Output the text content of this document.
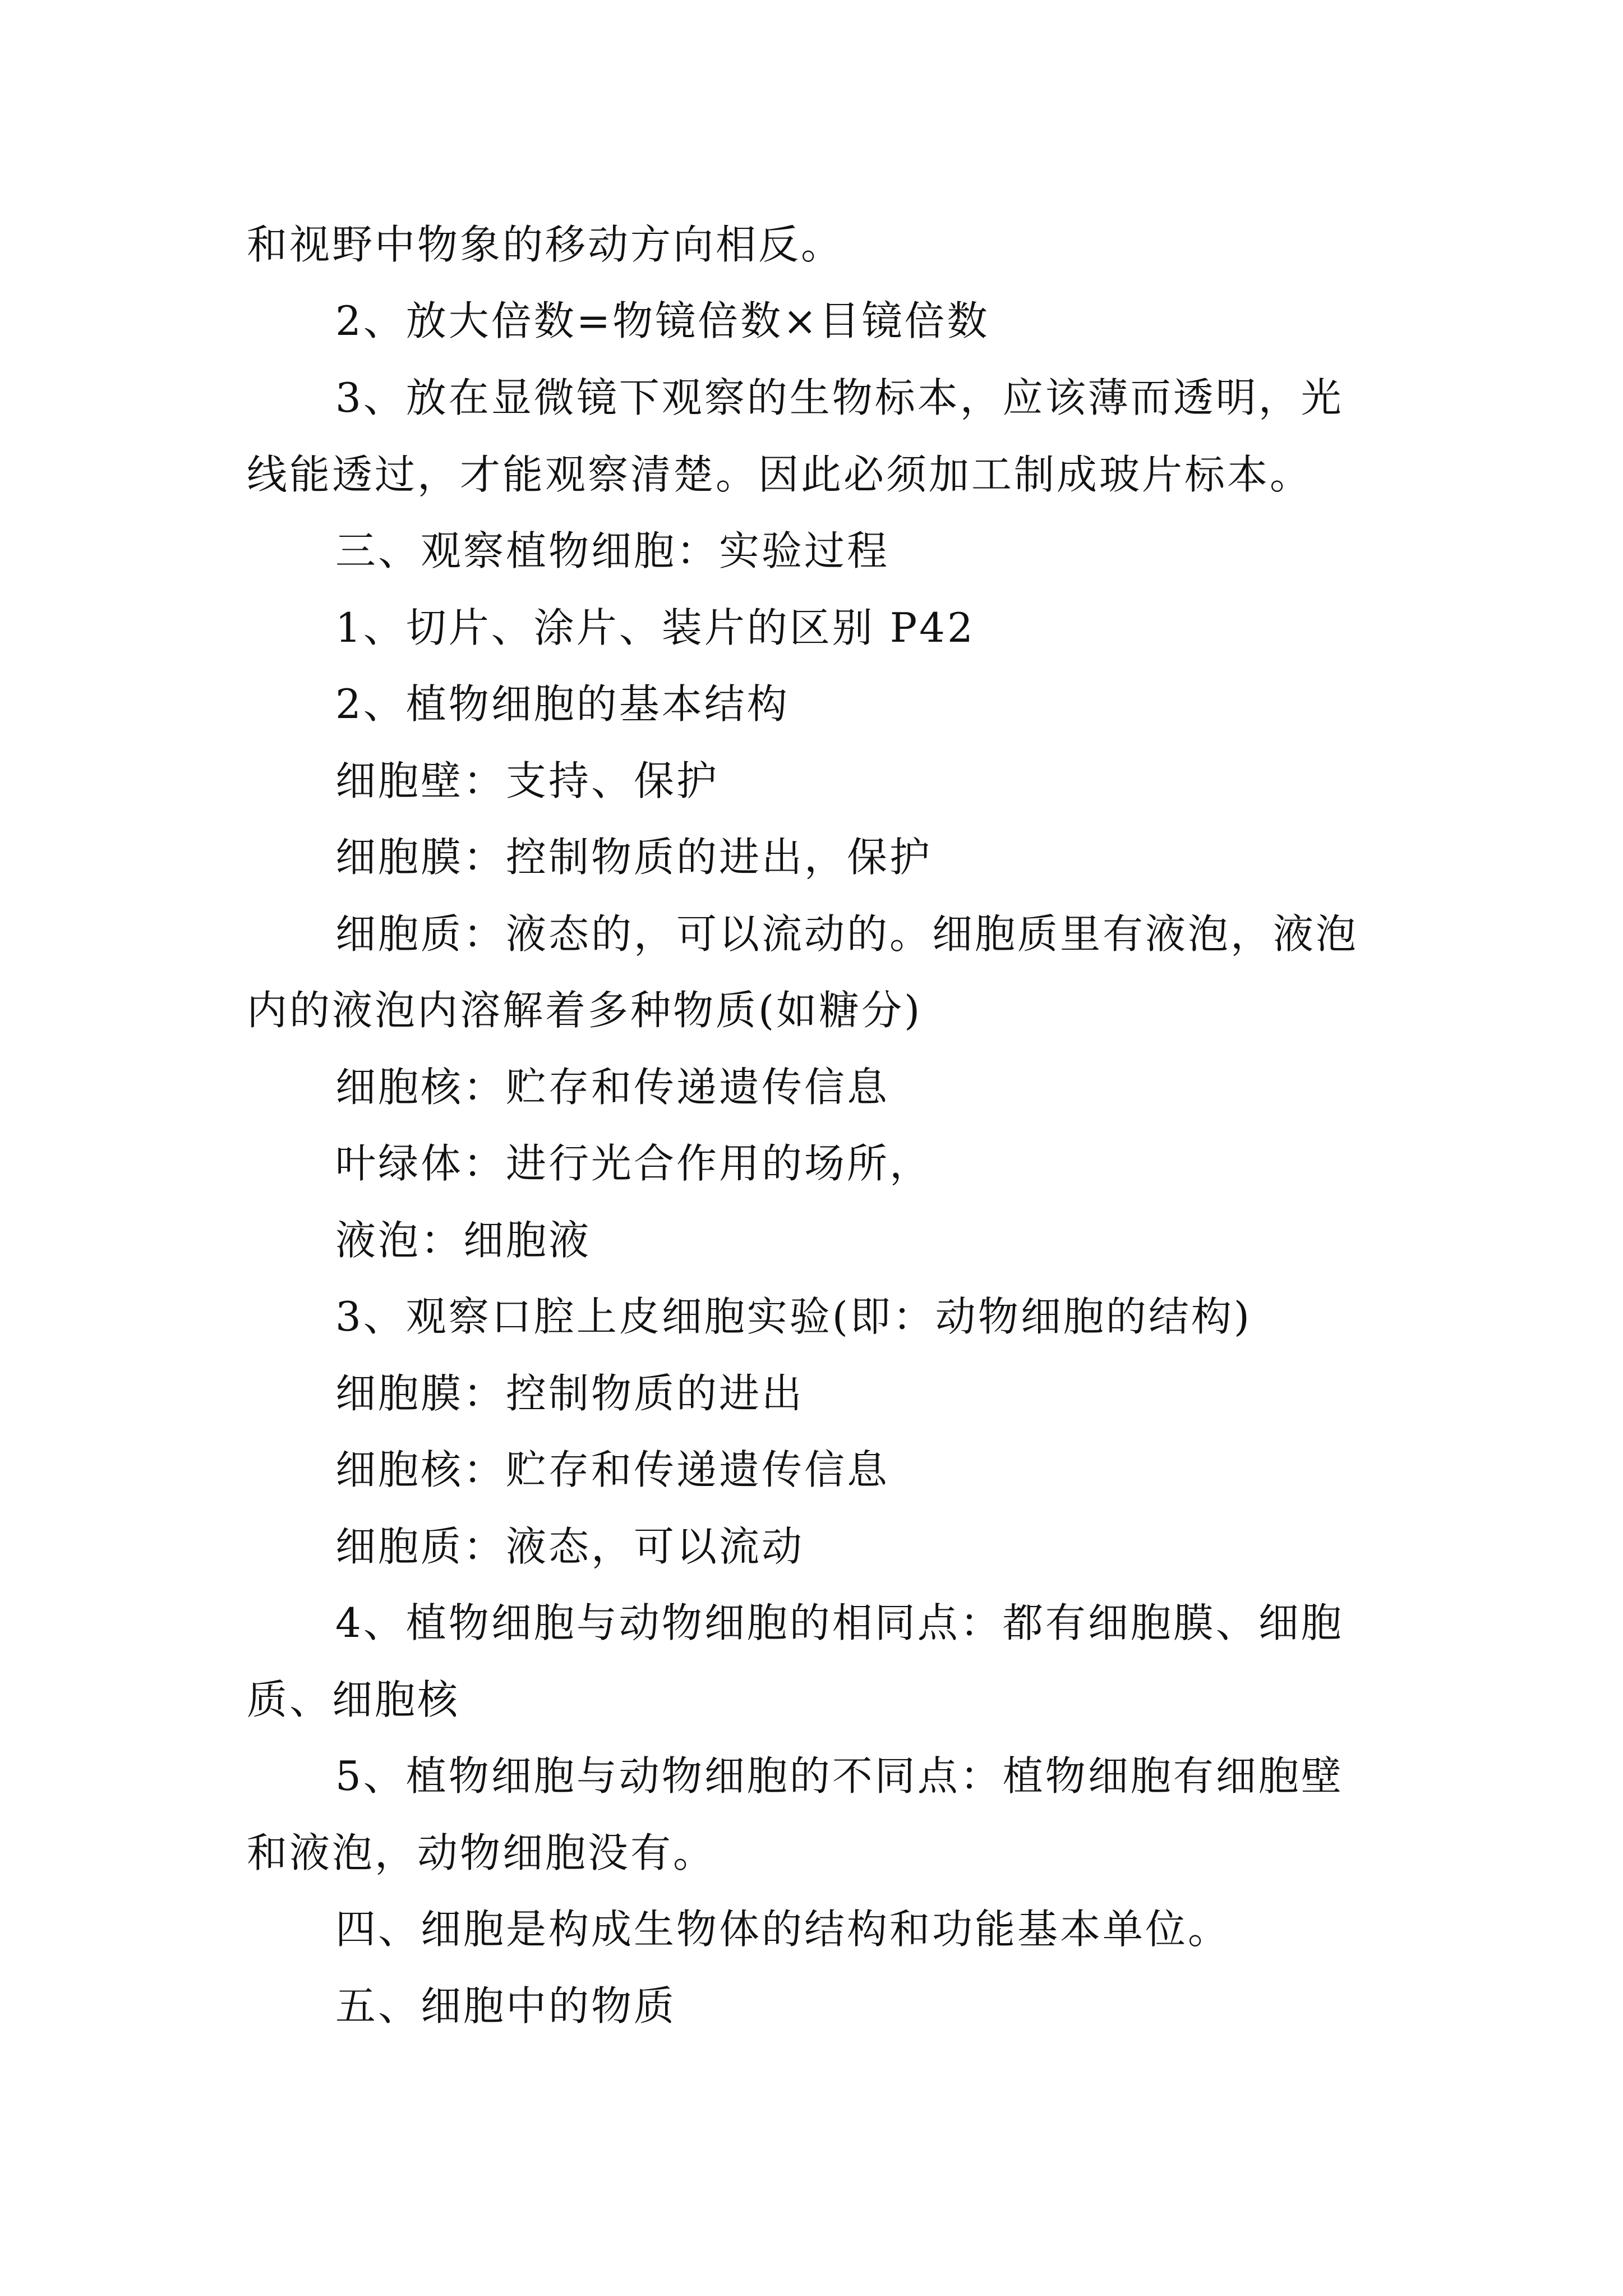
和视野中物象的移动方向相反。
2、放大倍数=物镜倍数×目镜倍数
3、放在显微镜下观察的生物标本，应该薄而透明，光
线能透过，才能观察清楚。因此必须加工制成玻片标本。
三、观察植物细胞：实验过程
1、切片、涂片、装片的区别 P42
2、植物细胞的基本结构
细胞壁：支持、保护
细胞膜：控制物质的进出，保护
细胞质：液态的，可以流动的。细胞质里有液泡，液泡
内的液泡内溶解着多种物质(如糖分)
细胞核：贮存和传递遗传信息
叶绿体：进行光合作用的场所，
液泡：细胞液
3、观察口腔上皮细胞实验(即：动物细胞的结构)
细胞膜：控制物质的进出
细胞核：贮存和传递遗传信息
细胞质：液态，可以流动
4、植物细胞与动物细胞的相同点：都有细胞膜、细胞
质、细胞核
5、植物细胞与动物细胞的不同点：植物细胞有细胞壁
和液泡，动物细胞没有。
四、细胞是构成生物体的结构和功能基本单位。
五、细胞中的物质
